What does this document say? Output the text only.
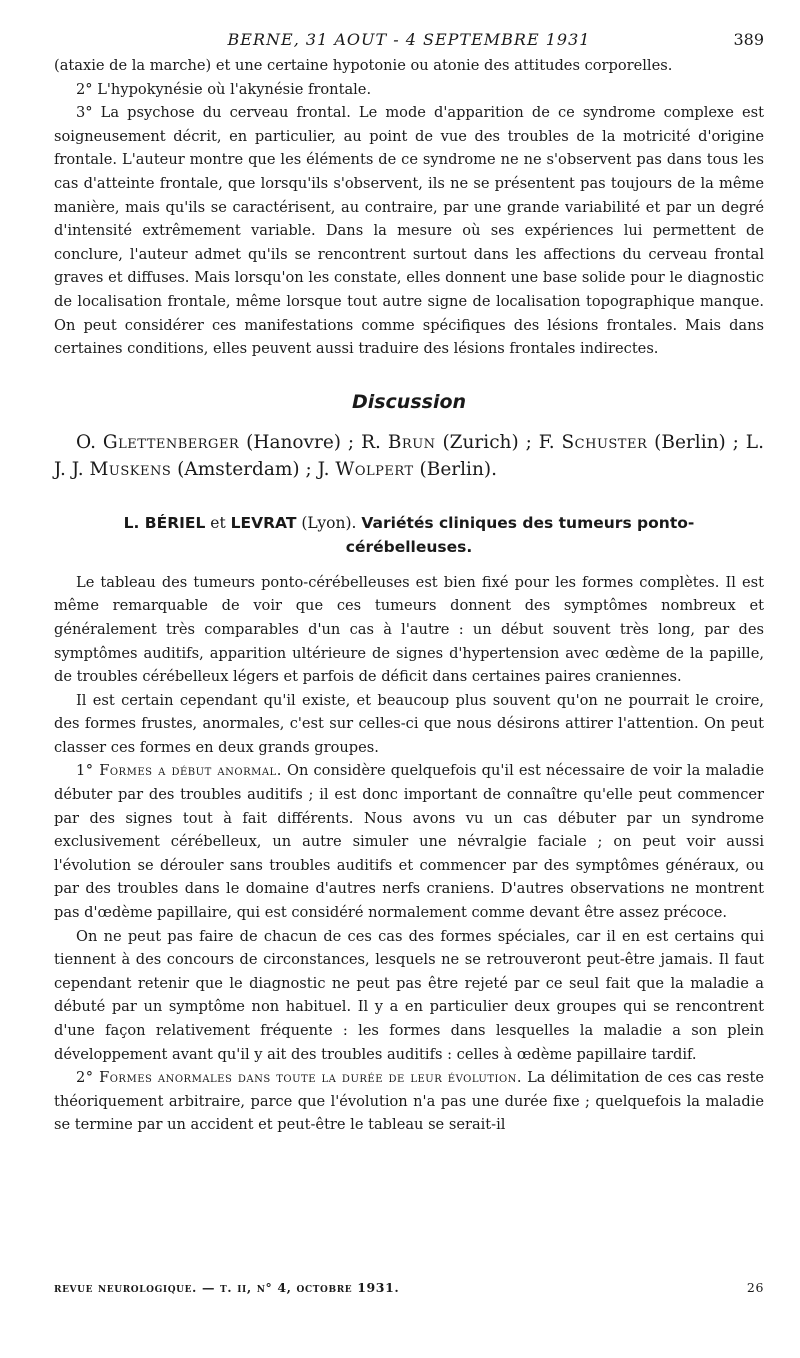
BERNE, 31 AOUT - 4 SEPTEMBRE 1931	389

(ataxie de la marche) et une certaine hypotonie ou atonie des attitudes corporelles.

2° L'hypokynésie où l'akynésie frontale.

3° La psychose du cerveau frontal. Le mode d'apparition de ce syndrome complexe est soigneusement décrit, en particulier, au point de vue des troubles de la motricité d'origine frontale. L'auteur montre que les éléments de ce syndrome ne ne s'observent pas dans tous les cas d'atteinte frontale, que lorsqu'ils s'observent, ils ne se présentent pas toujours de la même manière, mais qu'ils se caractérisent, au contraire, par une grande variabilité et par un degré d'intensité extrêmement variable. Dans la mesure où ses expériences lui permettent de conclure, l'auteur admet qu'ils se rencontrent surtout dans les affections du cerveau frontal graves et diffuses. Mais lorsqu'on les constate, elles donnent une base solide pour le diagnostic de localisation frontale, même lorsque tout autre signe de localisation topographique manque. On peut considérer ces manifestations comme spécifiques des lésions frontales. Mais dans certaines conditions, elles peuvent aussi traduire des lésions frontales indirectes.

Discussion

O. Glettenberger (Hanovre) ; R. Brun (Zurich) ; F. Schuster (Berlin) ; L. J. J. Muskens (Amsterdam) ; J. Wolpert (Berlin).

L. BÉRIEL et LEVRAT (Lyon). Variétés cliniques des tumeurs ponto-cérébelleuses.

Le tableau des tumeurs ponto-cérébelleuses est bien fixé pour les formes complètes. Il est même remarquable de voir que ces tumeurs donnent des symptômes nombreux et généralement très comparables d'un cas à l'autre : un début souvent très long, par des symptômes auditifs, apparition ultérieure de signes d'hypertension avec œdème de la papille, de troubles cérébelleux légers et parfois de déficit dans certaines paires craniennes.

Il est certain cependant qu'il existe, et beaucoup plus souvent qu'on ne pourrait le croire, des formes frustes, anormales, c'est sur celles-ci que nous désirons attirer l'attention. On peut classer ces formes en deux grands groupes.

1° Formes a début anormal. On considère quelquefois qu'il est nécessaire de voir la maladie débuter par des troubles auditifs ; il est donc important de connaître qu'elle peut commencer par des signes tout à fait différents. Nous avons vu un cas débuter par un syndrome exclusivement cérébelleux, un autre simuler une névralgie faciale ; on peut voir aussi l'évolution se dérouler sans troubles auditifs et commencer par des symptômes généraux, ou par des troubles dans le domaine d'autres nerfs craniens. D'autres observations ne montrent pas d'œdème papillaire, qui est considéré normalement comme devant être assez précoce.

On ne peut pas faire de chacun de ces cas des formes spéciales, car il en est certains qui tiennent à des concours de circonstances, lesquels ne se retrouveront peut-être jamais. Il faut cependant retenir que le diagnostic ne peut pas être rejeté par ce seul fait que la maladie a débuté par un symptôme non habituel. Il y a en particulier deux groupes qui se rencontrent d'une façon relativement fréquente : les formes dans lesquelles la maladie a son plein développement avant qu'il y ait des troubles auditifs : celles à œdème papillaire tardif.

2° Formes anormales dans toute la durée de leur évolution. La délimitation de ces cas reste théoriquement arbitraire, parce que l'évolution n'a pas une durée fixe ; quelquefois la maladie se termine par un accident et peut-être le tableau se serait-il

revue neurologique. — t. ii, n° 4, octobre 1931.	26
